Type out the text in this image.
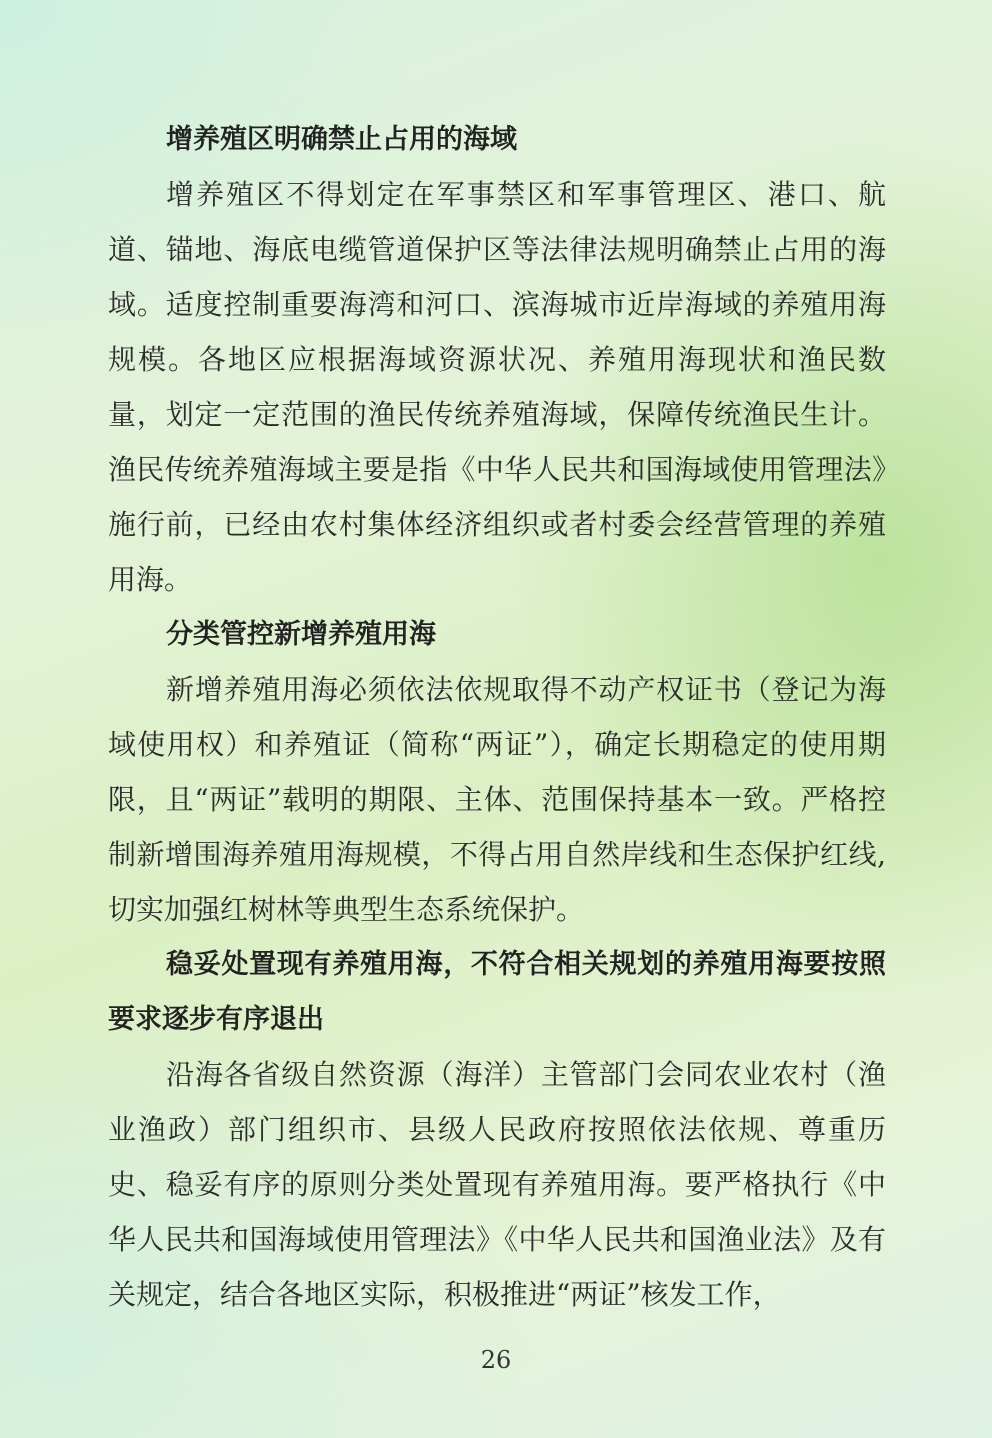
增养殖区明确禁止占用的海域

增养殖区不得划定在军事禁区和军事管理区、港口、航道、锚地、海底电缆管道保护区等法律法规明确禁止占用的海域。适度控制重要海湾和河口、滨海城市近岸海域的养殖用海规模。各地区应根据海域资源状况、养殖用海现状和渔民数量，划定一定范围的渔民传统养殖海域，保障传统渔民生计。渔民传统养殖海域主要是指《中华人民共和国海域使用管理法》施行前，已经由农村集体经济组织或者村委会经营管理的养殖用海。

分类管控新增养殖用海

新增养殖用海必须依法依规取得不动产权证书（登记为海域使用权）和养殖证（简称“两证”），确定长期稳定的使用期限，且“两证”载明的期限、主体、范围保持基本一致。严格控制新增围海养殖用海规模，不得占用自然岸线和生态保护红线,切实加强红树林等典型生态系统保护。

稳妥处置现有养殖用海，不符合相关规划的养殖用海要按照要求逐步有序退出

沿海各省级自然资源（海洋）主管部门会同农业农村（渔业渔政）部门组织市、县级人民政府按照依法依规、尊重历史、稳妥有序的原则分类处置现有养殖用海。要严格执行《中华人民共和国海域使用管理法》《中华人民共和国渔业法》及有关规定，结合各地区实际，积极推进“两证”核发工作，

26
